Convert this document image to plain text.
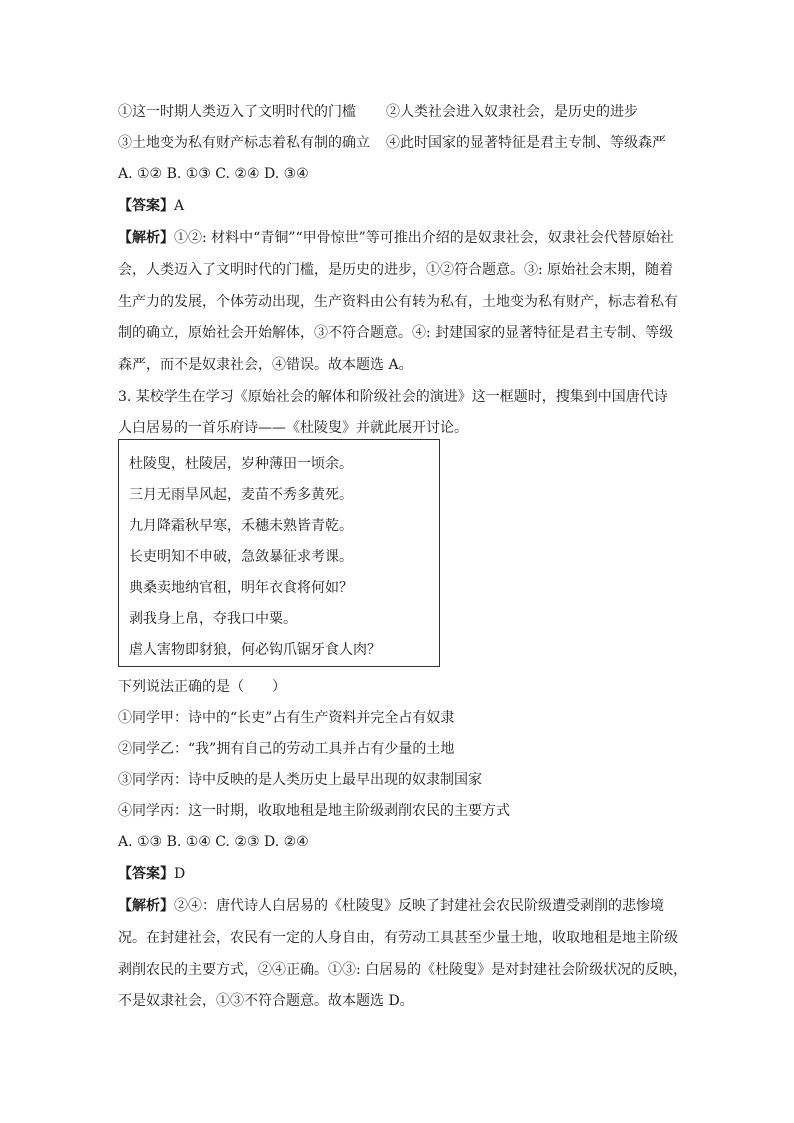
①这一时期人类迈入了文明时代的门槛 ②人类社会进入奴隶社会，是历史的进步
③土地变为私有财产标志着私有制的确立 ④此时国家的显著特征是君主专制、等级森严
A. ①② B. ①③ C. ②④ D. ③④
【答案】A
【解析】①②: 材料中“青铜”“甲骨惊世”等可推出介绍的是奴隶社会，奴隶社会代替原始社
会，人类迈入了文明时代的门槛，是历史的进步，①②符合题意。③: 原始社会末期，随着
生产力的发展，个体劳动出现，生产资料由公有转为私有，土地变为私有财产，标志着私有
制的确立，原始社会开始解体，③不符合题意。④: 封建国家的显著特征是君主专制、等级
森严，而不是奴隶社会，④错误。故本题选 A。
3. 某校学生在学习《原始社会的解体和阶级社会的演进》这一框题时，搜集到中国唐代诗
人白居易的一首乐府诗——《杜陵叟》并就此展开讨论。
杜陵叟，杜陵居，岁种薄田一顷余。
三月无雨旱风起，麦苗不秀多黄死。
九月降霜秋早寒，禾穗未熟皆青乾。
长吏明知不申破，急敛暴征求考课。
典桑卖地纳官租，明年衣食将何如？
剥我身上帛，夺我口中粟。
虐人害物即豺狼，何必钩爪锯牙食人肉？
下列说法正确的是（　　）
①同学甲：诗中的“长吏”占有生产资料并完全占有奴隶
②同学乙：“我”拥有自己的劳动工具并占有少量的土地
③同学丙：诗中反映的是人类历史上最早出现的奴隶制国家
④同学丙：这一时期，收取地租是地主阶级剥削农民的主要方式
A. ①③ B. ①④ C. ②③ D. ②④
【答案】D
【解析】②④：唐代诗人白居易的《杜陵叟》反映了封建社会农民阶级遭受剥削的悲惨境
况。在封建社会，农民有一定的人身自由，有劳动工具甚至少量土地，收取地租是地主阶级
剥削农民的主要方式，②④正确。①③: 白居易的《杜陵叟》是对封建社会阶级状况的反映，
不是奴隶社会，①③不符合题意。故本题选 D。
